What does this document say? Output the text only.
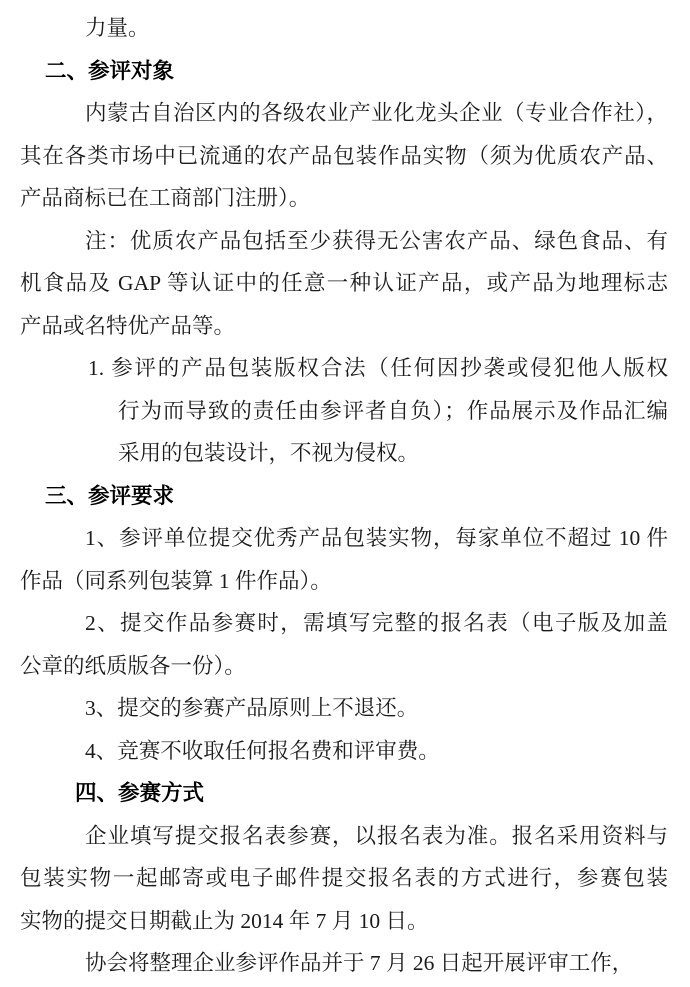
力量。
二、参评对象
内蒙古自治区内的各级农业产业化龙头企业（专业合作社），
其在各类市场中已流通的农产品包装作品实物（须为优质农产品、
产品商标已在工商部门注册）。
注：优质农产品包括至少获得无公害农产品、绿色食品、有
机食品及 GAP 等认证中的任意一种认证产品，或产品为地理标志
产品或名特优产品等。
1. 参评的产品包装版权合法（任何因抄袭或侵犯他人版权
行为而导致的责任由参评者自负）；作品展示及作品汇编
采用的包装设计，不视为侵权。
三、参评要求
1、参评单位提交优秀产品包装实物，每家单位不超过 10 件
作品（同系列包装算 1 件作品）。
2、提交作品参赛时，需填写完整的报名表（电子版及加盖
公章的纸质版各一份）。
3、提交的参赛产品原则上不退还。
4、竞赛不收取任何报名费和评审费。
四、参赛方式
企业填写提交报名表参赛，以报名表为准。报名采用资料与
包装实物一起邮寄或电子邮件提交报名表的方式进行，参赛包装
实物的提交日期截止为 2014 年 7 月 10 日。
协会将整理企业参评作品并于 7 月 26 日起开展评审工作，
